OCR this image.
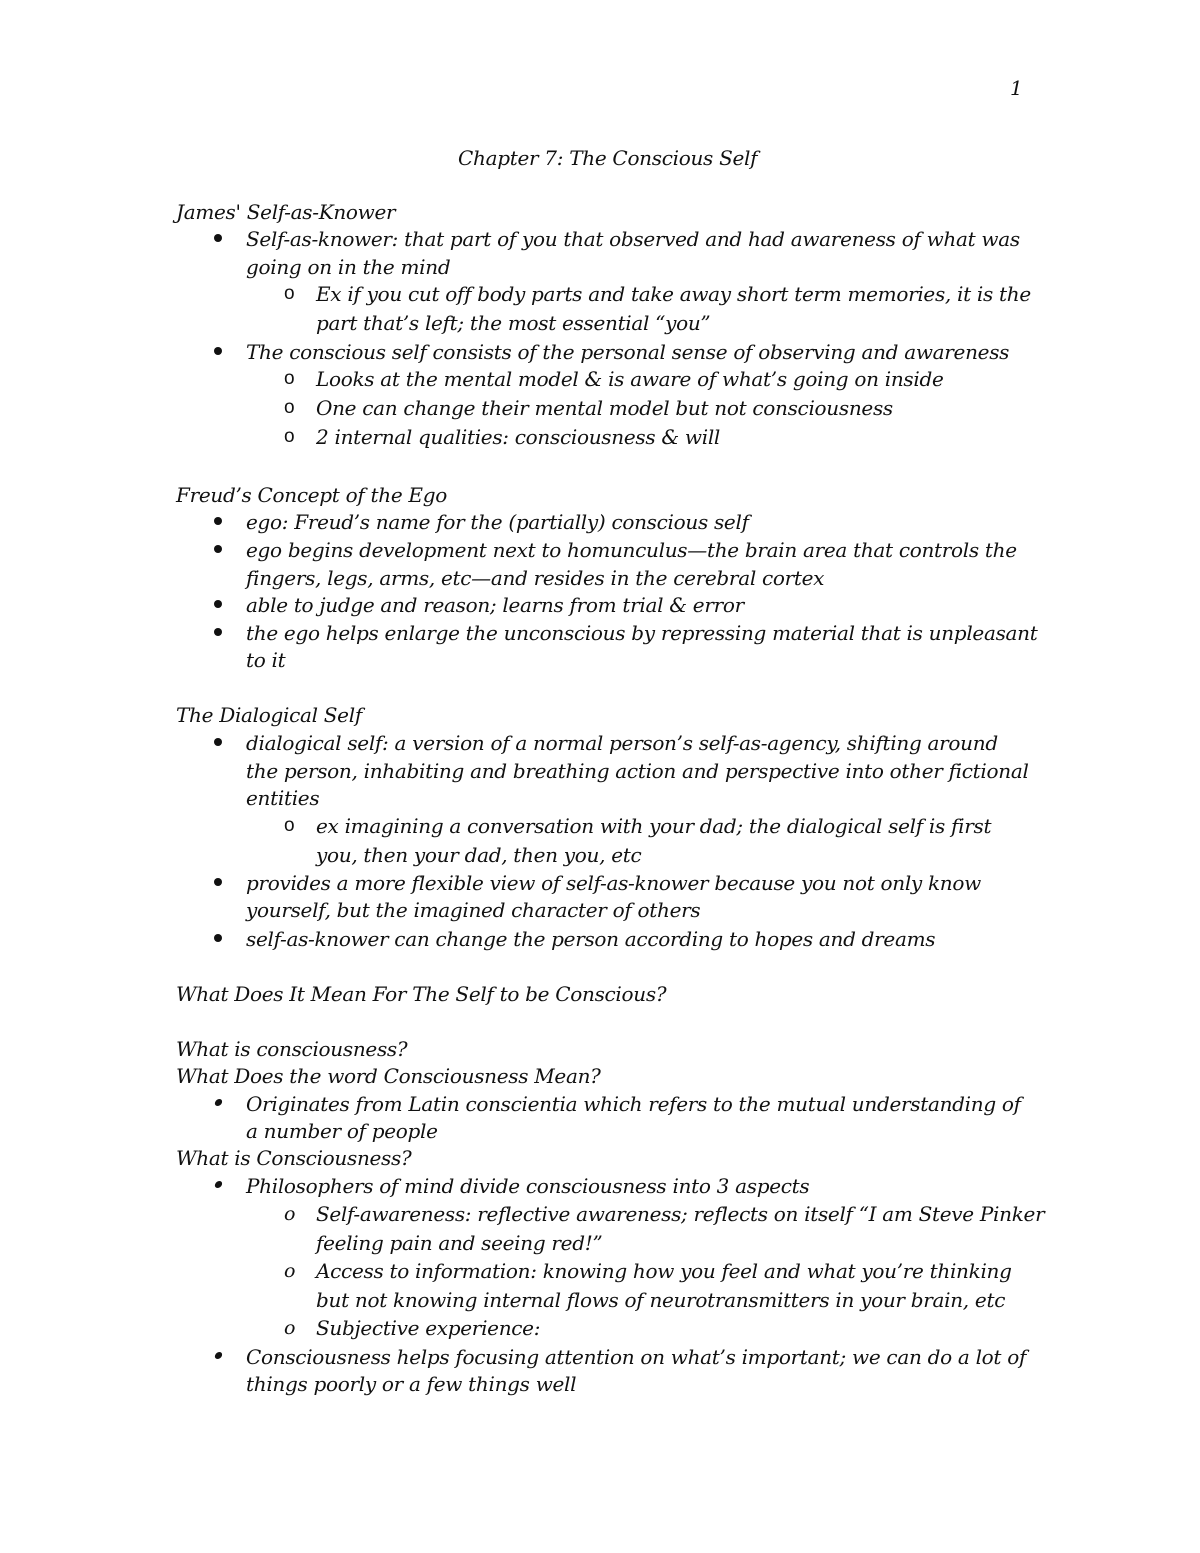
1
Chapter 7: The Conscious Self
James' Self-as-Knower
Self-as-knower: that part of you that observed and had awareness of what was
going on in the mind
o Ex if you cut off body parts and take away short term memories, it is the
part that’s left; the most essential “you”
The conscious self consists of the personal sense of observing and awareness
o Looks at the mental model & is aware of what’s going on inside
o One can change their mental model but not consciousness
o 2 internal qualities: consciousness & will
Freud’s Concept of the Ego
ego: Freud’s name for the (partially) conscious self
ego begins development next to homunculus—the brain area that controls the
fingers, legs, arms, etc—and resides in the cerebral cortex
able to judge and reason; learns from trial & error
the ego helps enlarge the unconscious by repressing material that is unpleasant
to it
The Dialogical Self
dialogical self: a version of a normal person’s self-as-agency, shifting around
the person, inhabiting and breathing action and perspective into other fictional
entities
o ex imagining a conversation with your dad; the dialogical self is first
you, then your dad, then you, etc
provides a more flexible view of self-as-knower because you not only know
yourself, but the imagined character of others
self-as-knower can change the person according to hopes and dreams
What Does It Mean For The Self to be Conscious?
What is consciousness?
What Does the word Consciousness Mean?
Originates from Latin conscientia which refers to the mutual understanding of
a number of people
What is Consciousness?
Philosophers of mind divide consciousness into 3 aspects
o Self-awareness: reflective awareness; reflects on itself “I am Steve Pinker
feeling pain and seeing red!”
o Access to information: knowing how you feel and what you’re thinking
but not knowing internal flows of neurotransmitters in your brain, etc
o Subjective experience:
Consciousness helps focusing attention on what’s important; we can do a lot of
things poorly or a few things well
